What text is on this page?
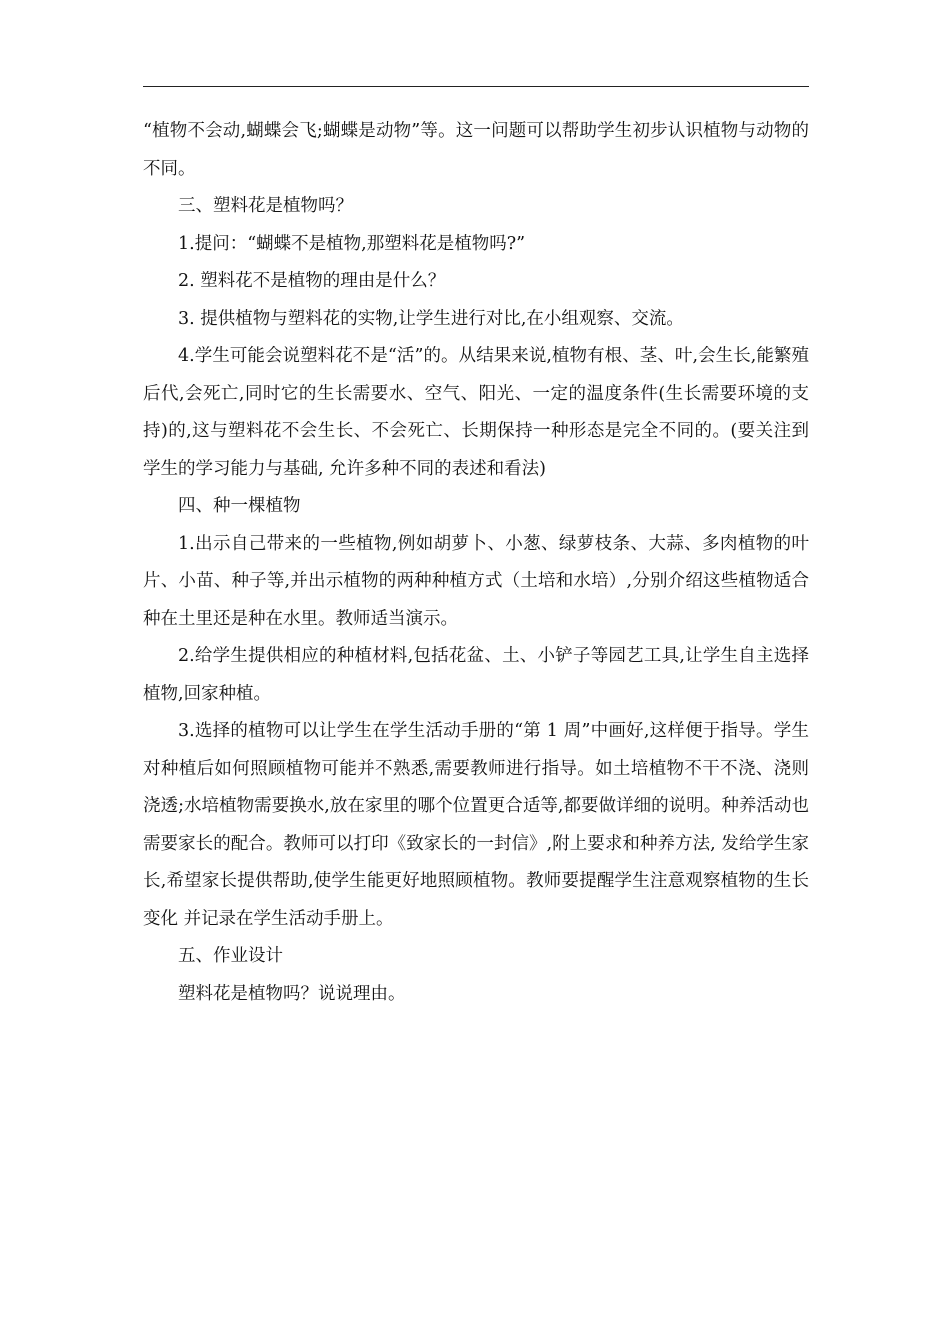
“植物不会动,蝴蝶会飞;蝴蝶是动物”等。这一问题可以帮助学生初步认识植物与动物的不同。

三、塑料花是植物吗？

1.提问：“蝴蝶不是植物,那塑料花是植物吗?”

2. 塑料花不是植物的理由是什么？

3. 提供植物与塑料花的实物,让学生进行对比,在小组观察、交流。

4.学生可能会说塑料花不是“活”的。从结果来说,植物有根、茎、叶,会生长,能繁殖后代,会死亡,同时它的生长需要水、空气、阳光、一定的温度条件(生长需要环境的支持)的,这与塑料花不会生长、不会死亡、长期保持一种形态是完全不同的。(要关注到学生的学习能力与基础, 允许多种不同的表述和看法)

四、种一棵植物

1.出示自己带来的一些植物,例如胡萝卜、小葱、绿萝枝条、大蒜、多肉植物的叶片、小苗、种子等,并出示植物的两种种植方式（土培和水培）,分别介绍这些植物适合种在土里还是种在水里。教师适当演示。

2.给学生提供相应的种植材料,包括花盆、土、小铲子等园艺工具,让学生自主选择植物,回家种植。

3.选择的植物可以让学生在学生活动手册的“第 1 周”中画好,这样便于指导。学生对种植后如何照顾植物可能并不熟悉,需要教师进行指导。如土培植物不干不浇、浇则浇透;水培植物需要换水,放在家里的哪个位置更合适等,都要做详细的说明。种养活动也需要家长的配合。教师可以打印《致家长的一封信》,附上要求和种养方法, 发给学生家长,希望家长提供帮助,使学生能更好地照顾植物。教师要提醒学生注意观察植物的生长变化 并记录在学生活动手册上。

五、作业设计

塑料花是植物吗？说说理由。
